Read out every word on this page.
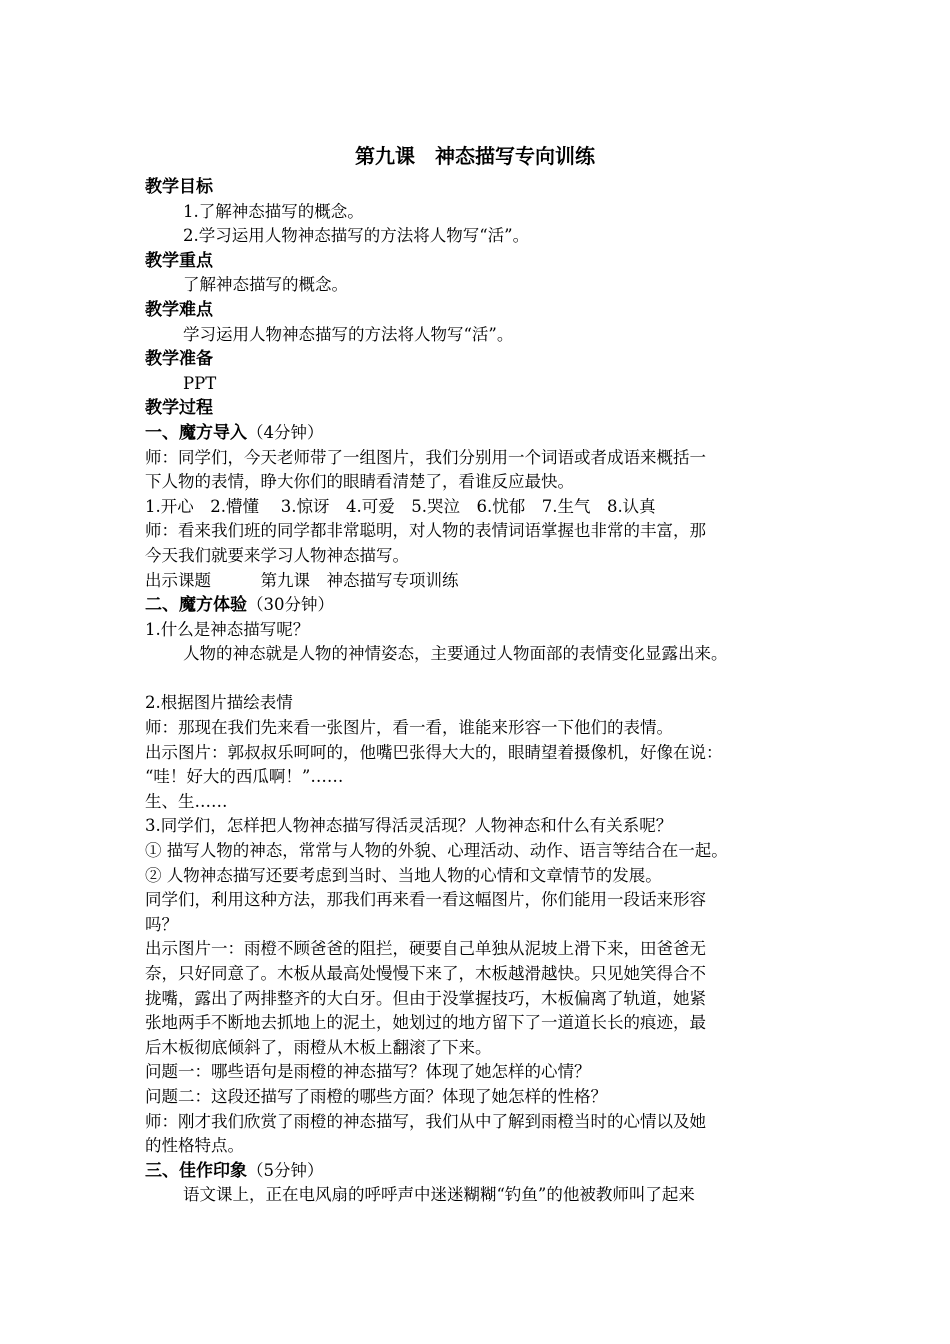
第九课　神态描写专向训练
教学目标
1.了解神态描写的概念。
2.学习运用人物神态描写的方法将人物写“活”。
教学重点
了解神态描写的概念。
教学难点
学习运用人物神态描写的方法将人物写“活”。
教学准备
PPT
教学过程
一、魔方导入（4分钟）
师：同学们，今天老师带了一组图片，我们分别用一个词语或者成语来概括一
下人物的表情，睁大你们的眼睛看清楚了，看谁反应最快。
1.开心　2.懵懂　 3.惊讶　4.可爱　5.哭泣　6.忧郁　7.生气　8.认真
师：看来我们班的同学都非常聪明，对人物的表情词语掌握也非常的丰富，那
今天我们就要来学习人物神态描写。
出示课题　　　第九课　神态描写专项训练
二、魔方体验（30分钟）
1.什么是神态描写呢？
人物的神态就是人物的神情姿态，主要通过人物面部的表情变化显露出来。
2.根据图片描绘表情
师：那现在我们先来看一张图片，看一看，谁能来形容一下他们的表情。
出示图片：郭叔叔乐呵呵的，他嘴巴张得大大的，眼睛望着摄像机，好像在说：
“哇！好大的西瓜啊！”……
生、生……
3.同学们，怎样把人物神态描写得活灵活现？人物神态和什么有关系呢？
① 描写人物的神态，常常与人物的外貌、心理活动、动作、语言等结合在一起。
② 人物神态描写还要考虑到当时、当地人物的心情和文章情节的发展。
同学们，利用这种方法，那我们再来看一看这幅图片，你们能用一段话来形容
吗？
出示图片一：雨橙不顾爸爸的阻拦，硬要自己单独从泥坡上滑下来，田爸爸无
奈，只好同意了。木板从最高处慢慢下来了，木板越滑越快。只见她笑得合不
拢嘴，露出了两排整齐的大白牙。但由于没掌握技巧，木板偏离了轨道，她紧
张地两手不断地去抓地上的泥土，她划过的地方留下了一道道长长的痕迹，最
后木板彻底倾斜了，雨橙从木板上翻滚了下来。
问题一：哪些语句是雨橙的神态描写？体现了她怎样的心情？
问题二：这段还描写了雨橙的哪些方面？体现了她怎样的性格？
师：刚才我们欣赏了雨橙的神态描写，我们从中了解到雨橙当时的心情以及她
的性格特点。
三、佳作印象（5分钟）
语文课上，正在电风扇的呼呼声中迷迷糊糊“钓鱼”的他被教师叫了起来
